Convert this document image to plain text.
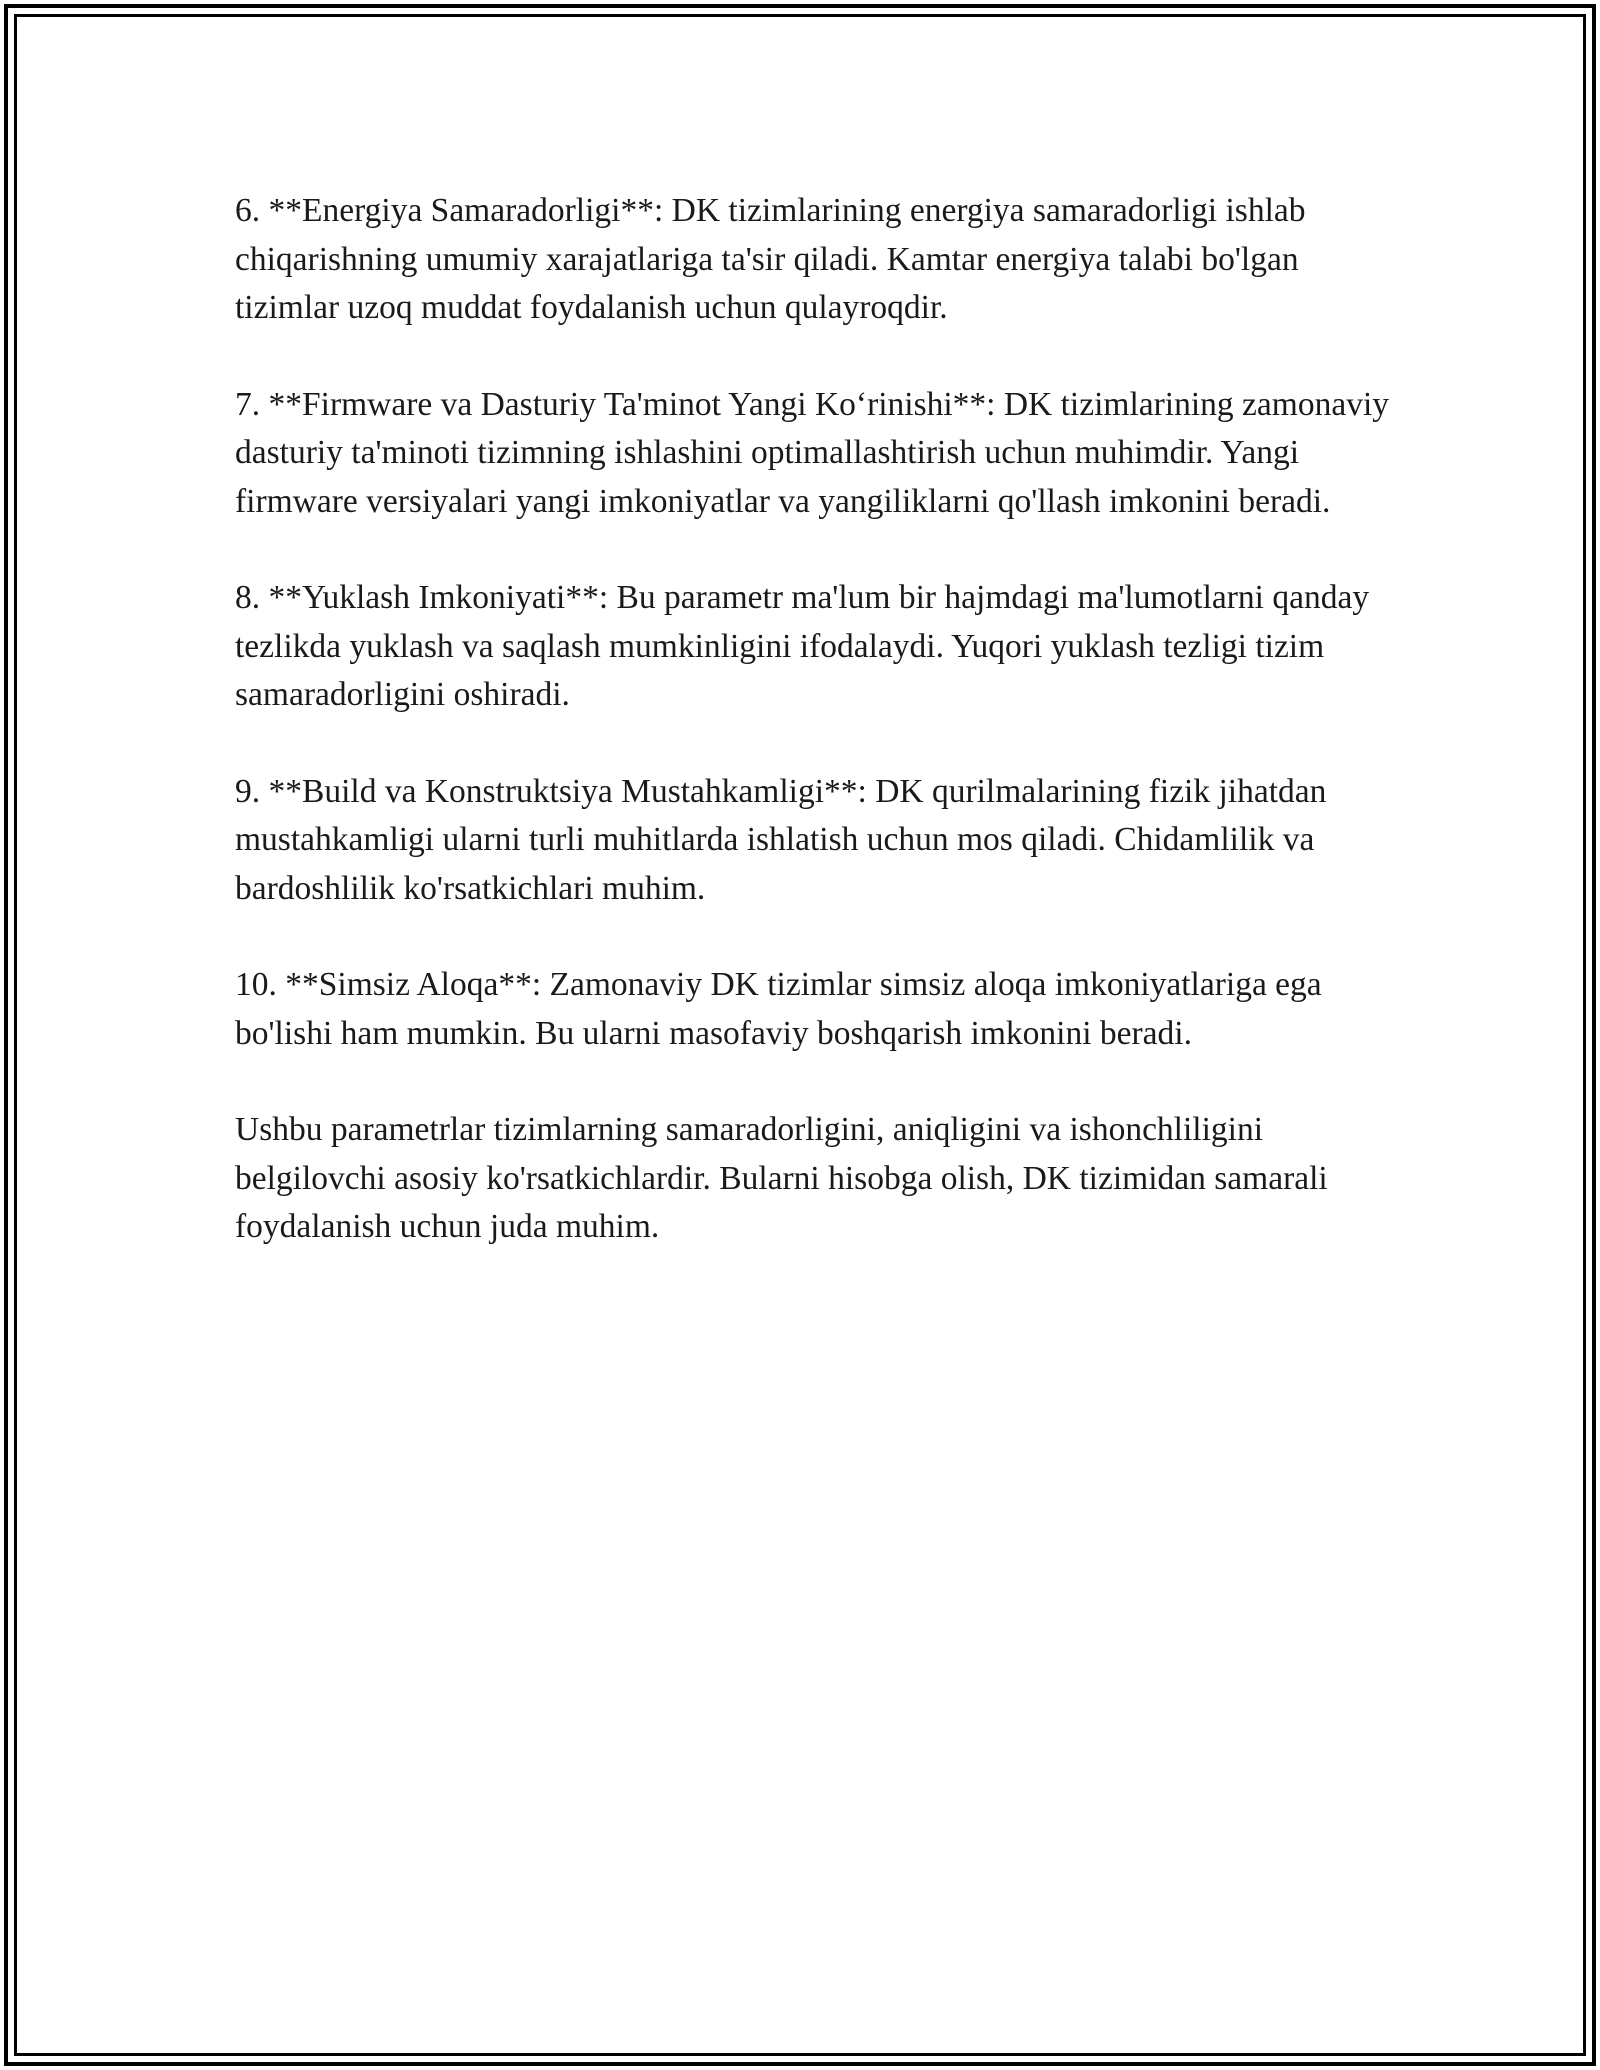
6. **Energiya Samaradorligi**: DK tizimlarining energiya samaradorligi ishlab chiqarishning umumiy xarajatlariga ta'sir qiladi. Kamtar energiya talabi bo'lgan tizimlar uzoq muddat foydalanish uchun qulayroqdir.

7. **Firmware va Dasturiy Ta'minot Yangi Ko‘rinishi**: DK tizimlarining zamonaviy dasturiy ta'minoti tizimning ishlashini optimallashtirish uchun muhimdir. Yangi firmware versiyalari yangi imkoniyatlar va yangiliklarni qo'llash imkonini beradi.

8. **Yuklash Imkoniyati**: Bu parametr ma'lum bir hajmdagi ma'lumotlarni qanday tezlikda yuklash va saqlash mumkinligini ifodalaydi. Yuqori yuklash tezligi tizim samaradorligini oshiradi.

9. **Build va Konstruktsiya Mustahkamligi**: DK qurilmalarining fizik jihatdan mustahkamligi ularni turli muhitlarda ishlatish uchun mos qiladi. Chidamlilik va bardoshlilik ko'rsatkichlari muhim.

10. **Simsiz Aloqa**: Zamonaviy DK tizimlar simsiz aloqa imkoniyatlariga ega bo'lishi ham mumkin. Bu ularni masofaviy boshqarish imkonini beradi.

Ushbu parametrlar tizimlarning samaradorligini, aniqligini va ishonchliligini belgilovchi asosiy ko'rsatkichlardir. Bularni hisobga olish, DK tizimidan samarali foydalanish uchun juda muhim.
